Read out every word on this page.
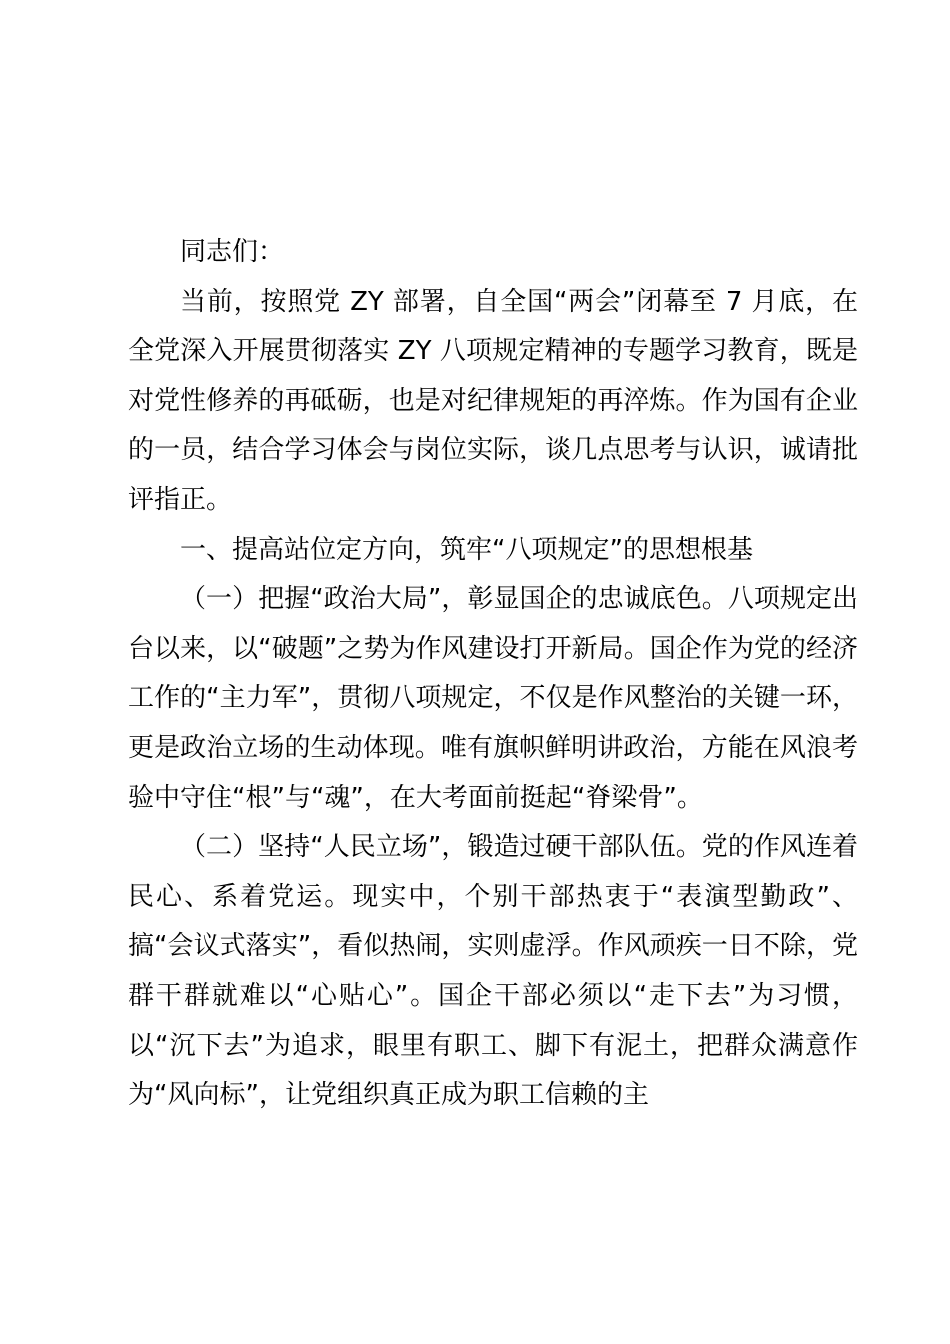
同志们：

当前，按照党 ZY 部署，自全国“两会”闭幕至 7 月底，在全党深入开展贯彻落实 ZY 八项规定精神的专题学习教育，既是对党性修养的再砥砺，也是对纪律规矩的再淬炼。作为国有企业的一员，结合学习体会与岗位实际，谈几点思考与认识，诚请批评指正。

一、提高站位定方向，筑牢“八项规定”的思想根基

（一）把握“政治大局”，彰显国企的忠诚底色。八项规定出台以来，以“破题”之势为作风建设打开新局。国企作为党的经济工作的“主力军”，贯彻八项规定，不仅是作风整治的关键一环，更是政治立场的生动体现。唯有旗帜鲜明讲政治，方能在风浪考验中守住“根”与“魂”，在大考面前挺起“脊梁骨”。

（二）坚持“人民立场”，锻造过硬干部队伍。党的作风连着民心、系着党运。现实中，个别干部热衷于“表演型勤政”、搞“会议式落实”，看似热闹，实则虚浮。作风顽疾一日不除，党群干群就难以“心贴心”。国企干部必须以“走下去”为习惯，以“沉下去”为追求，眼里有职工、脚下有泥土，把群众满意作为“风向标”，让党组织真正成为职工信赖的主
